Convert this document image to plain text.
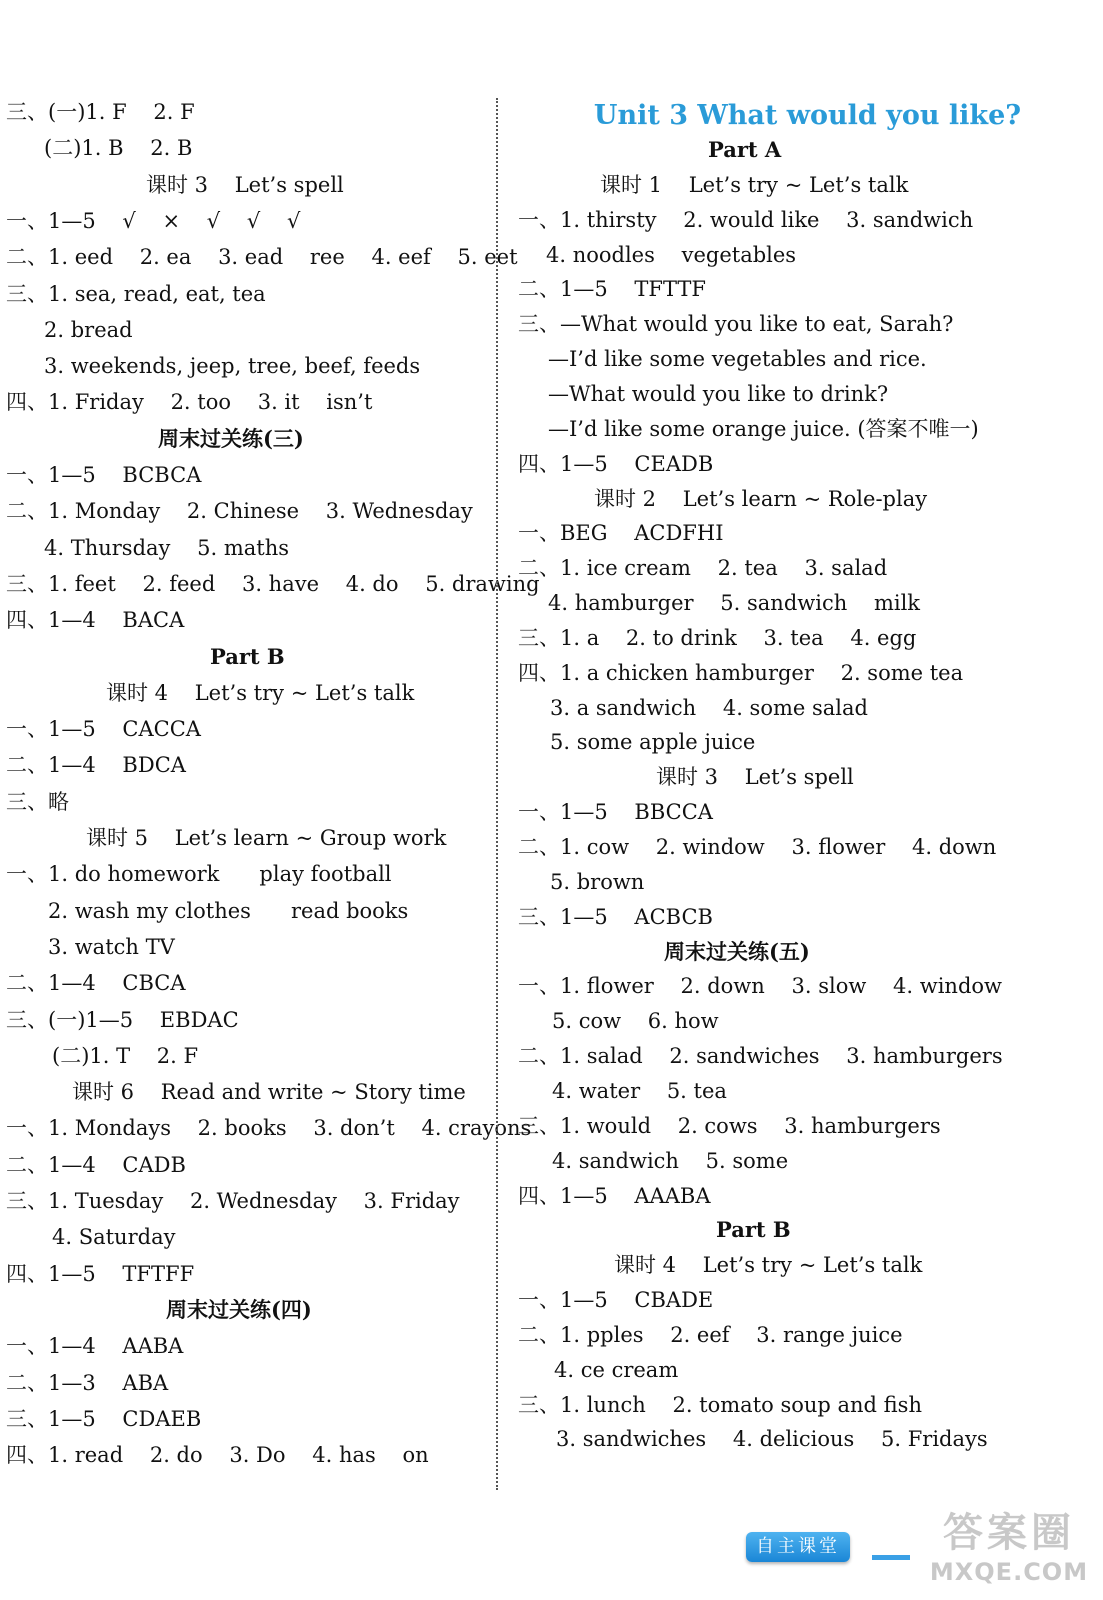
三、(一)1. F    2. F
(二)1. B    2. B
课时 3    Let’s spell
一、1—5    √    ×    √    √    √
二、1. eed    2. ea    3. ead    ree    4. eef    5. eet
三、1. sea, read, eat, tea
2. bread
3. weekends, jeep, tree, beef, feeds
四、1. Friday    2. too    3. it    isn’t
周末过关练(三)
一、1—5    BCBCA
二、1. Monday    2. Chinese    3. Wednesday
4. Thursday    5. maths
三、1. feet    2. feed    3. have    4. do    5. drawing
四、1—4    BACA
Part B
课时 4    Let’s try ~ Let’s talk
一、1—5    CACCA
二、1—4    BDCA
三、略
课时 5    Let’s learn ~ Group work
一、1. do homework      play football
2. wash my clothes      read books
3. watch TV
二、1—4    CBCA
三、(一)1—5    EBDAC
(二)1. T    2. F
课时 6    Read and write ~ Story time
一、1. Mondays    2. books    3. don’t    4. crayons
二、1—4    CADB
三、1. Tuesday    2. Wednesday    3. Friday
4. Saturday
四、1—5    TFTFF
周末过关练(四)
一、1—4    AABA
二、1—3    ABA
三、1—5    CDAEB
四、1. read    2. do    3. Do    4. has    on
Unit 3 What would you like?
Part A
课时 1    Let’s try ~ Let’s talk
一、1. thirsty    2. would like    3. sandwich
4. noodles    vegetables
二、1—5    TFTTF
三、—What would you like to eat, Sarah?
—I’d like some vegetables and rice.
—What would you like to drink?
—I’d like some orange juice. (答案不唯一)
四、1—5    CEADB
课时 2    Let’s learn ~ Role-play
一、BEG    ACDFHI
二、1. ice cream    2. tea    3. salad
4. hamburger    5. sandwich    milk
三、1. a    2. to drink    3. tea    4. egg
四、1. a chicken hamburger    2. some tea
3. a sandwich    4. some salad
5. some apple juice
课时 3    Let’s spell
一、1—5    BBCCA
二、1. cow    2. window    3. flower    4. down
5. brown
三、1—5    ACBCB
周末过关练(五)
一、1. flower    2. down    3. slow    4. window
5. cow    6. how
二、1. salad    2. sandwiches    3. hamburgers
4. water    5. tea
三、1. would    2. cows    3. hamburgers
4. sandwich    5. some
四、1—5    AAABA
Part B
课时 4    Let’s try ~ Let’s talk
一、1—5    CBADE
二、1. pples    2. eef    3. range juice
4. ce cream
三、1. lunch    2. tomato soup and fish
3. sandwiches    4. delicious    5. Fridays
自主课堂	答案圈
MXQE.COM
